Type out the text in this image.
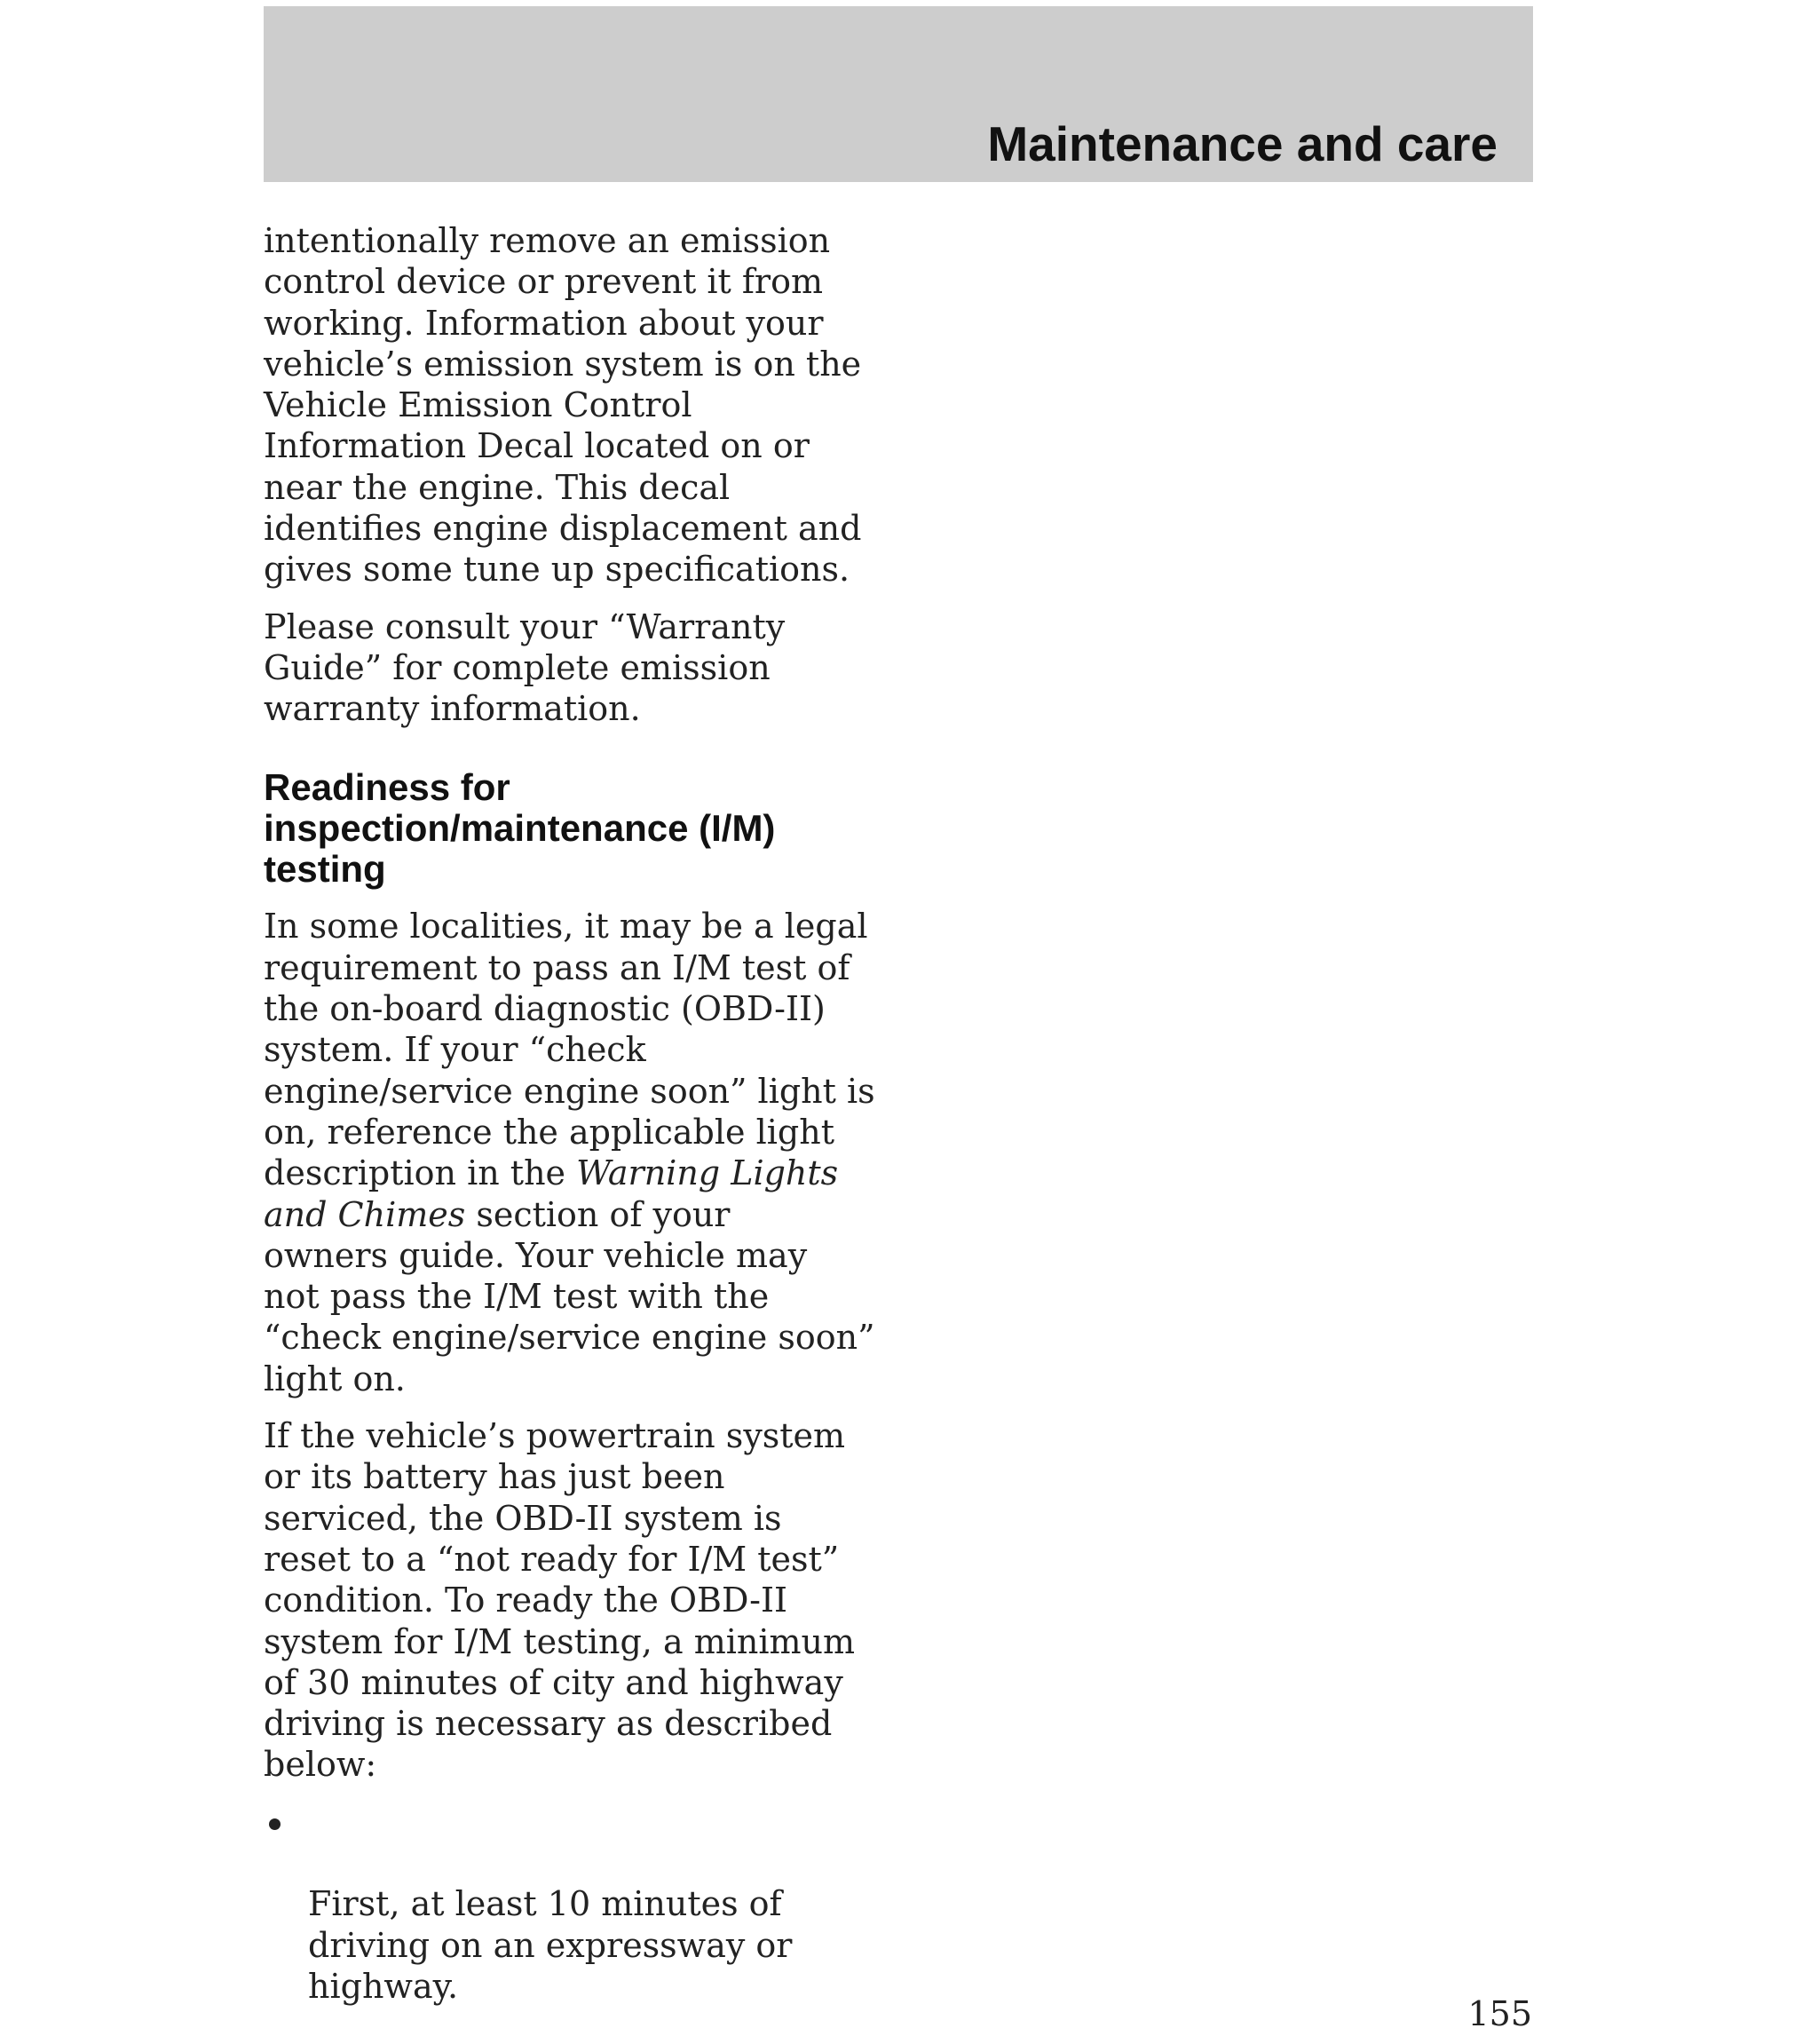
Maintenance and care

intentionally remove an emission
control device or prevent it from
working. Information about your
vehicle’s emission system is on the
Vehicle Emission Control
Information Decal located on or
near the engine. This decal
identifies engine displacement and
gives some tune up specifications.

Please consult your “Warranty
Guide” for complete emission
warranty information.

Readiness for
inspection/maintenance (I/M)
testing

In some localities, it may be a legal
requirement to pass an I/M test of
the on-board diagnostic (OBD-II)
system. If your “check
engine/service engine soon” light is
on, reference the applicable light
description in the Warning Lights
and Chimes section of your
owners guide. Your vehicle may
not pass the I/M test with the
“check engine/service engine soon”
light on.

If the vehicle’s powertrain system
or its battery has just been
serviced, the OBD-II system is
reset to a “not ready for I/M test”
condition. To ready the OBD-II
system for I/M testing, a minimum
of 30 minutes of city and highway
driving is necessary as described
below:

First, at least 10 minutes of
driving on an expressway or
highway.

155
